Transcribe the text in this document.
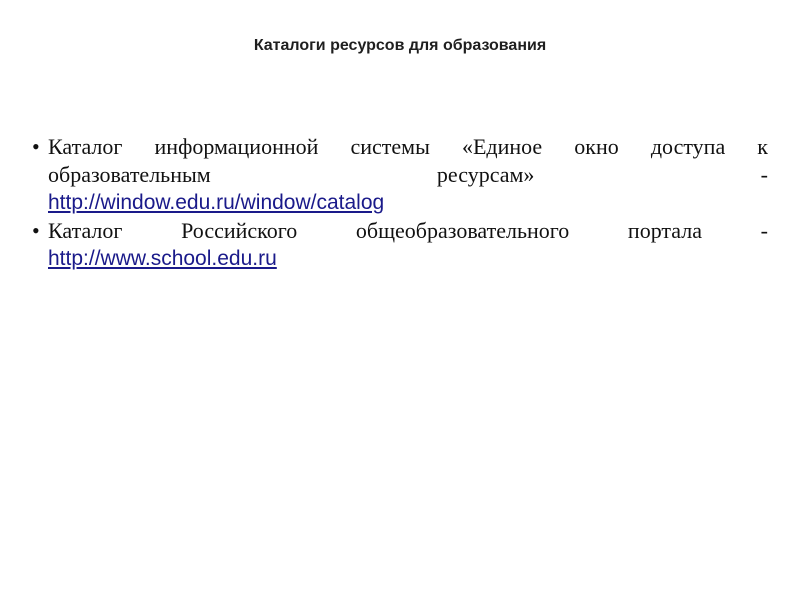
Каталоги ресурсов для образования
• Каталог информационной системы «Единое окно доступа к образовательным ресурсам» -
http://window.edu.ru/window/catalog
• Каталог Российского общеобразовательного портала -
http://www.school.edu.ru
